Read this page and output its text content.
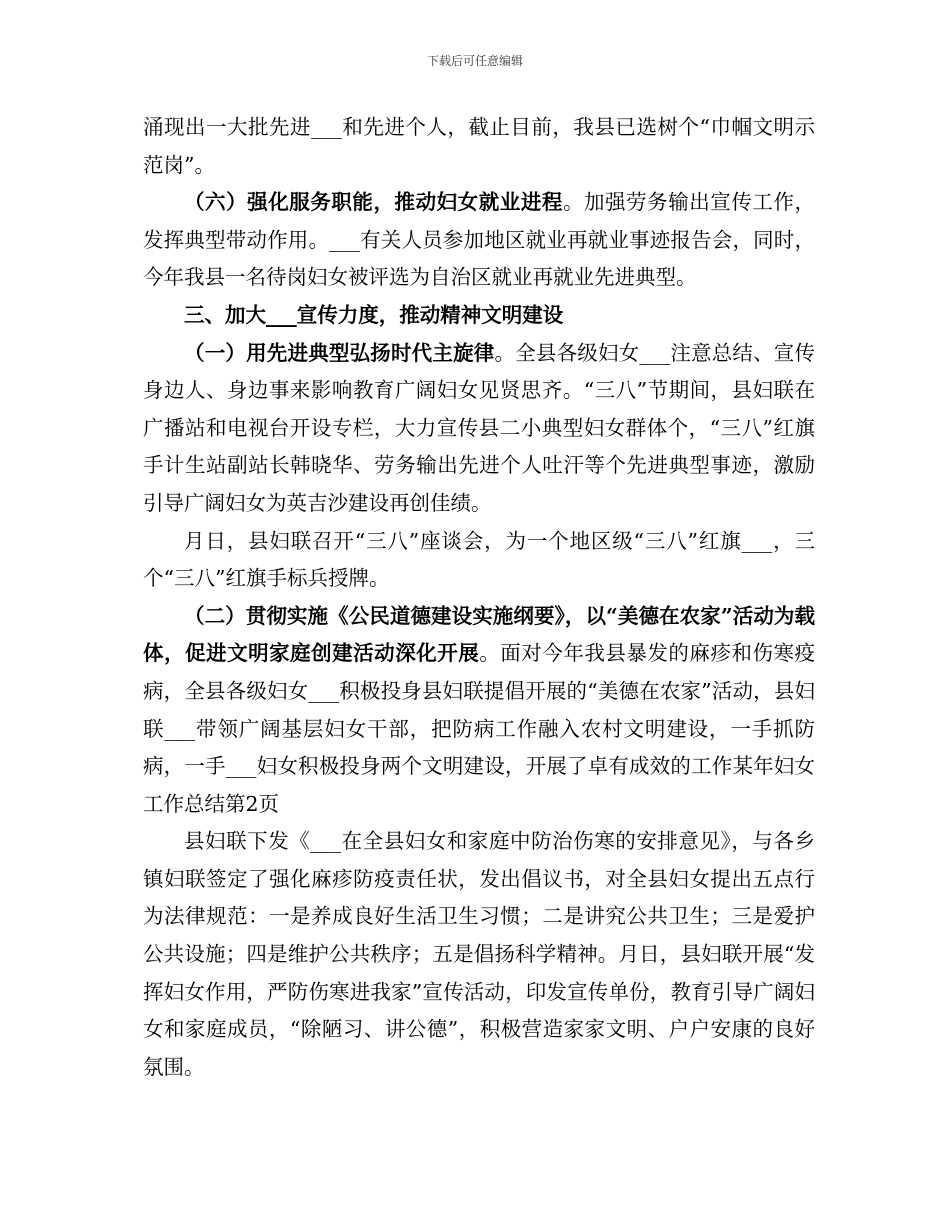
下载后可任意编辑

涌现出一大批先进___和先进个人，截止目前，我县已选树个“巾帼文明示范岗”。

（六）强化服务职能，推动妇女就业进程。加强劳务输出宣传工作，发挥典型带动作用。___有关人员参加地区就业再就业事迹报告会，同时，今年我县一名待岗妇女被评选为自治区就业再就业先进典型。

三、加大___宣传力度，推动精神文明建设

（一）用先进典型弘扬时代主旋律。全县各级妇女___注意总结、宣传身边人、身边事来影响教育广阔妇女见贤思齐。“三八”节期间，县妇联在广播站和电视台开设专栏，大力宣传县二小典型妇女群体个，“三八”红旗手计生站副站长韩晓华、劳务输出先进个人吐汗等个先进典型事迹，激励引导广阔妇女为英吉沙建设再创佳绩。

月日，县妇联召开“三八”座谈会，为一个地区级“三八”红旗___，三个“三八”红旗手标兵授牌。

（二）贯彻实施《公民道德建设实施纲要》，以“美德在农家”活动为载体，促进文明家庭创建活动深化开展。面对今年我县暴发的麻疹和伤寒疫病，全县各级妇女___积极投身县妇联提倡开展的“美德在农家”活动，县妇联___带领广阔基层妇女干部，把防病工作融入农村文明建设，一手抓防病，一手___妇女积极投身两个文明建设，开展了卓有成效的工作某年妇女工作总结第2页

县妇联下发《___在全县妇女和家庭中防治伤寒的安排意见》，与各乡镇妇联签定了强化麻疹防疫责任状，发出倡议书，对全县妇女提出五点行为法律规范：一是养成良好生活卫生习惯；二是讲究公共卫生；三是爱护公共设施；四是维护公共秩序；五是倡扬科学精神。月日，县妇联开展“发挥妇女作用，严防伤寒进我家”宣传活动，印发宣传单份，教育引导广阔妇女和家庭成员，“除陋习、讲公德”，积极营造家家文明、户户安康的良好氛围。
